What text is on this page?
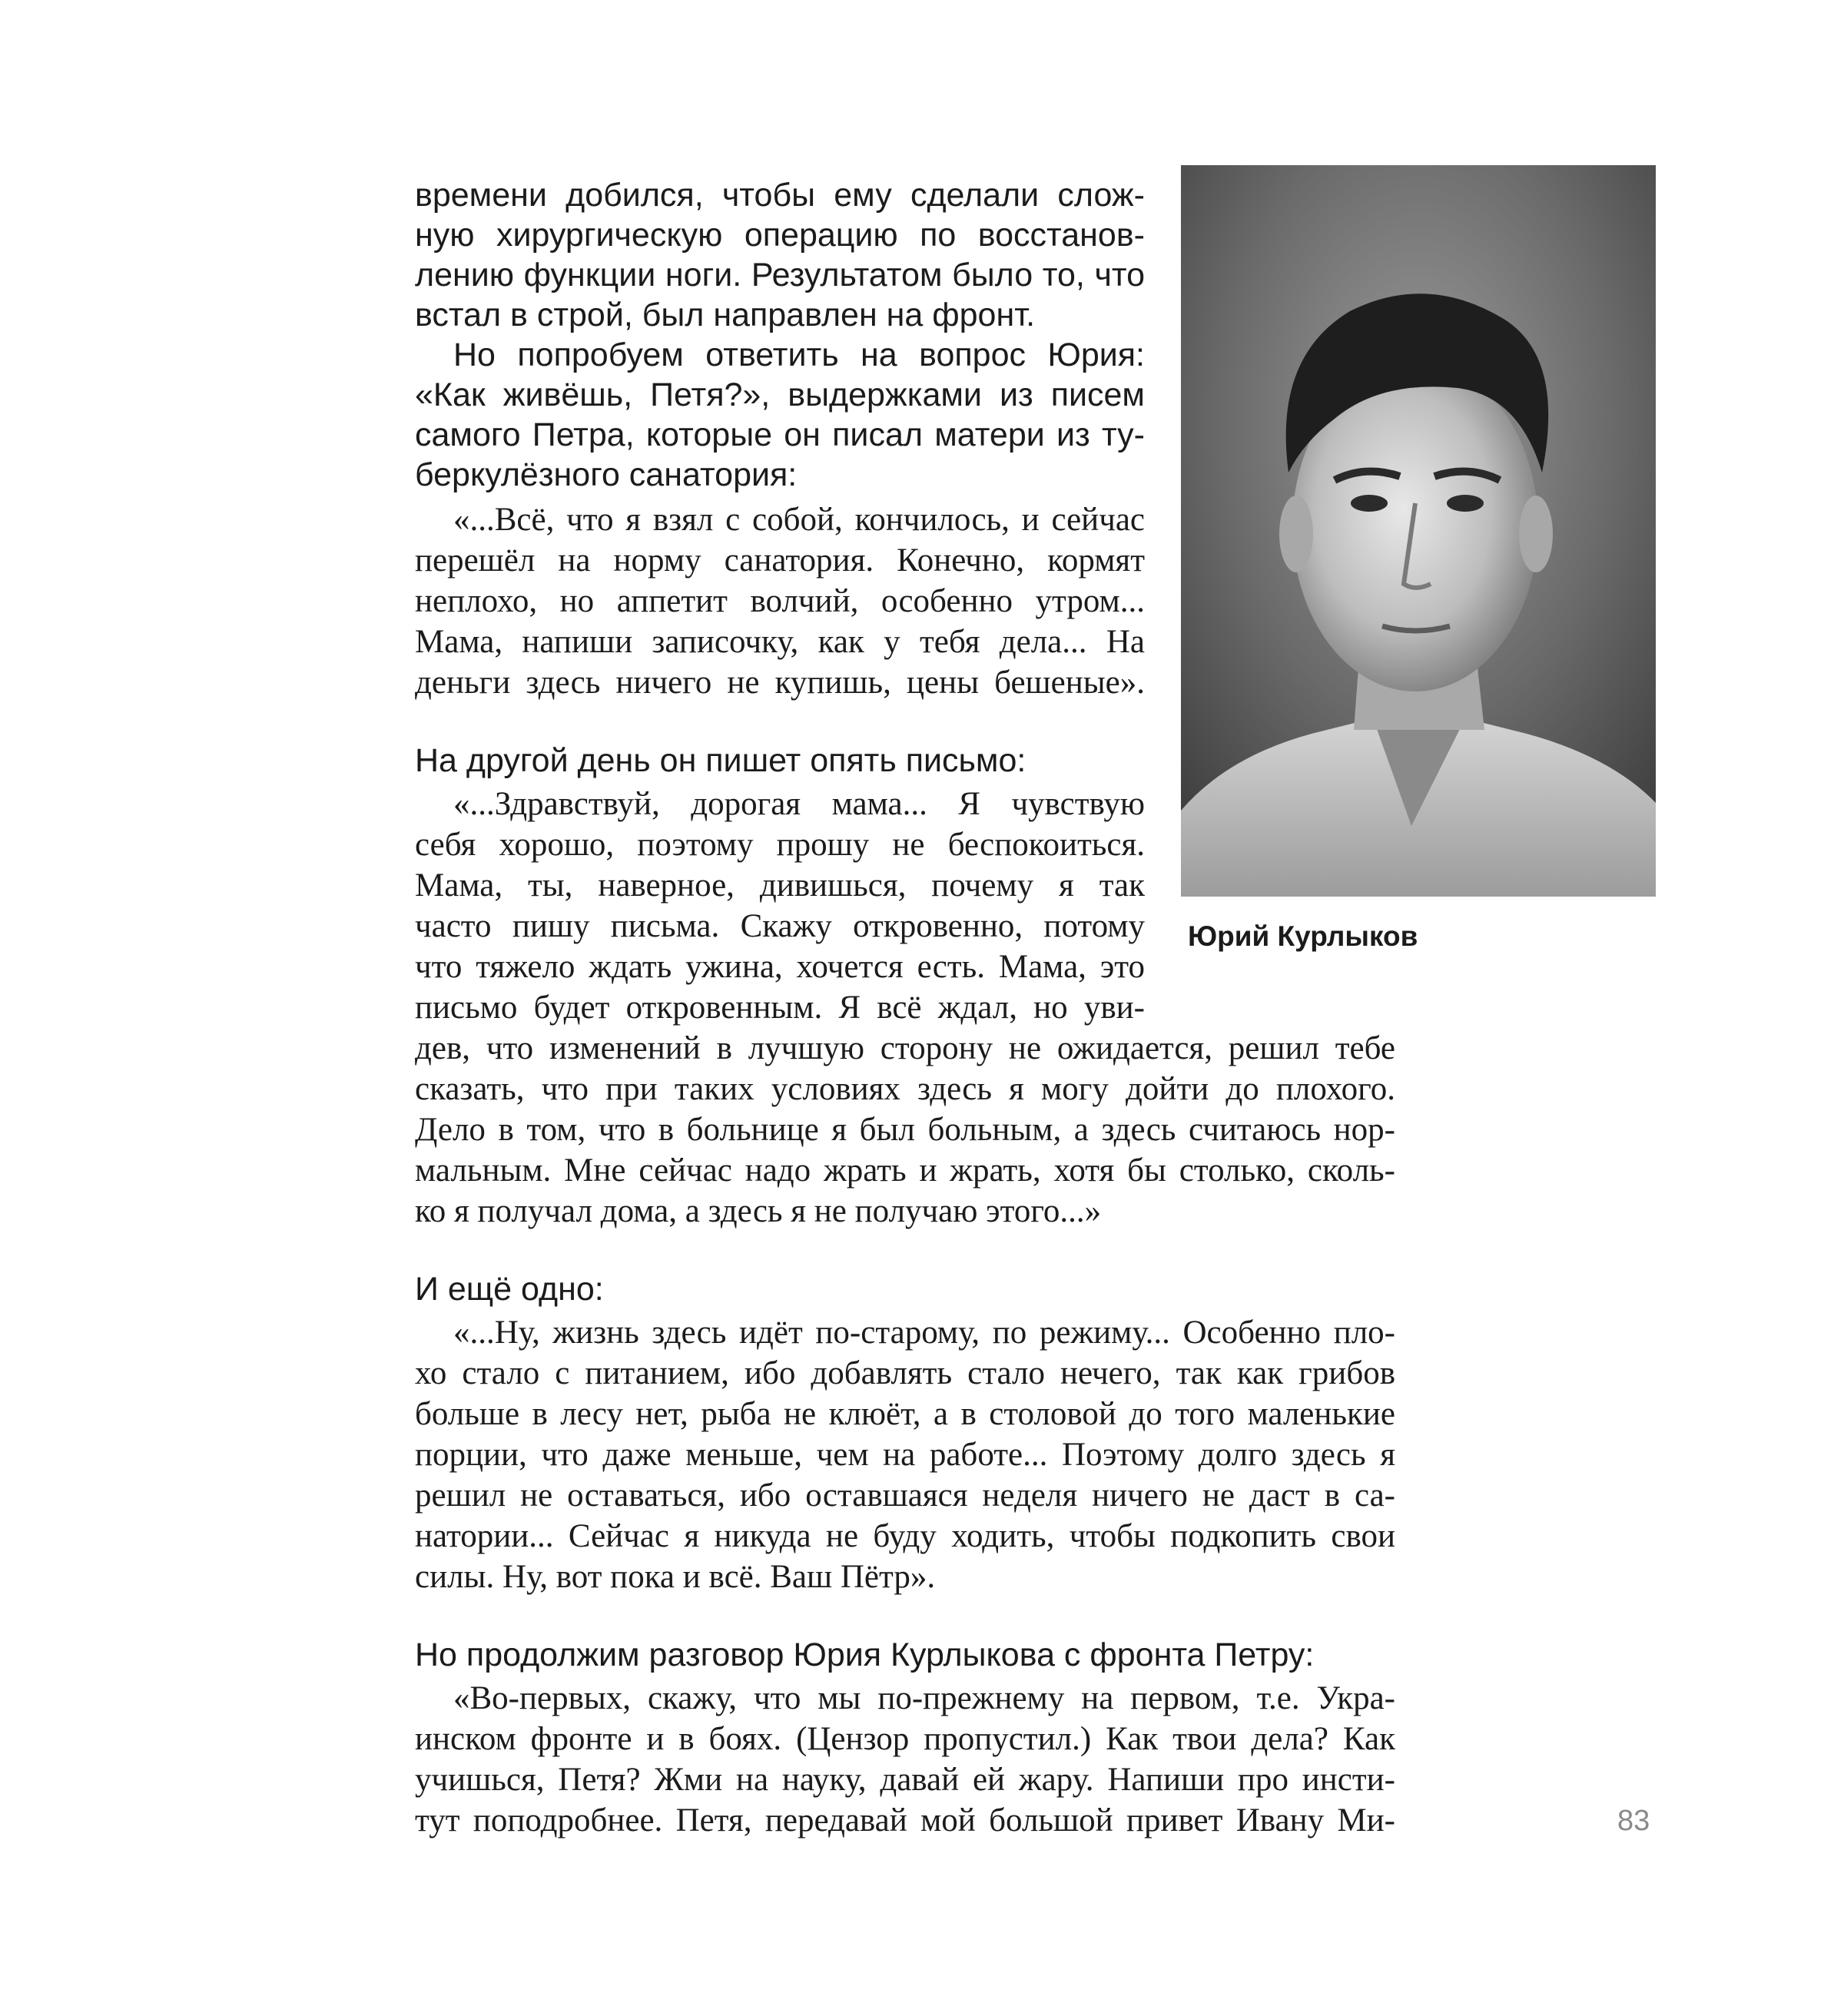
времени добился, чтобы ему сделали слож-
ную хирургическую операцию по восстанов-
лению функции ноги. Результатом было то, что
встал в строй, был направлен на фронт.
Но попробуем ответить на вопрос Юрия:
«Как живёшь, Петя?», выдержками из писем
самого Петра, которые он писал матери из ту-
беркулёзного санатория:
«...Всё, что я взял с собой, кончилось, и сейчас
перешёл на норму санатория. Конечно, кормят
неплохо, но аппетит волчий, особенно утром...
Мама, напиши записочку, как у тебя дела... На
деньги здесь ничего не купишь, цены бешеные».
На другой день он пишет опять письмо:
«...Здравствуй, дорогая мама... Я чувствую
себя хорошо, поэтому прошу не беспокоиться.
Мама, ты, наверное, дивишься, почему я так
часто пишу письма. Скажу откровенно, потому
что тяжело ждать ужина, хочется есть. Мама, это
письмо будет откровенным. Я всё ждал, но уви-
дев, что изменений в лучшую сторону не ожидается, решил тебе
сказать, что при таких условиях здесь я могу дойти до плохого.
Дело в том, что в больнице я был больным, а здесь считаюсь нор-
мальным. Мне сейчас надо жрать и жрать, хотя бы столько, сколь-
ко я получал дома, а здесь я не получаю этого...»
И ещё одно:
«...Ну, жизнь здесь идёт по-старому, по режиму... Особенно пло-
хо стало с питанием, ибо добавлять стало нечего, так как грибов
больше в лесу нет, рыба не клюёт, а в столовой до того маленькие
порции, что даже меньше, чем на работе... Поэтому долго здесь я
решил не оставаться, ибо оставшаяся неделя ничего не даст в са-
натории... Сейчас я никуда не буду ходить, чтобы подкопить свои
силы. Ну, вот пока и всё. Ваш Пётр».
Но продолжим разговор Юрия Курлыкова с фронта Петру:
«Во-первых, скажу, что мы по-прежнему на первом, т.е. Укра-
инском фронте и в боях. (Цензор пропустил.) Как твои дела? Как
учишься, Петя? Жми на науку, давай ей жару. Напиши про инсти-
тут поподробнее. Петя, передавай мой большой привет Ивану Ми-
Юрий Курлыков
83
